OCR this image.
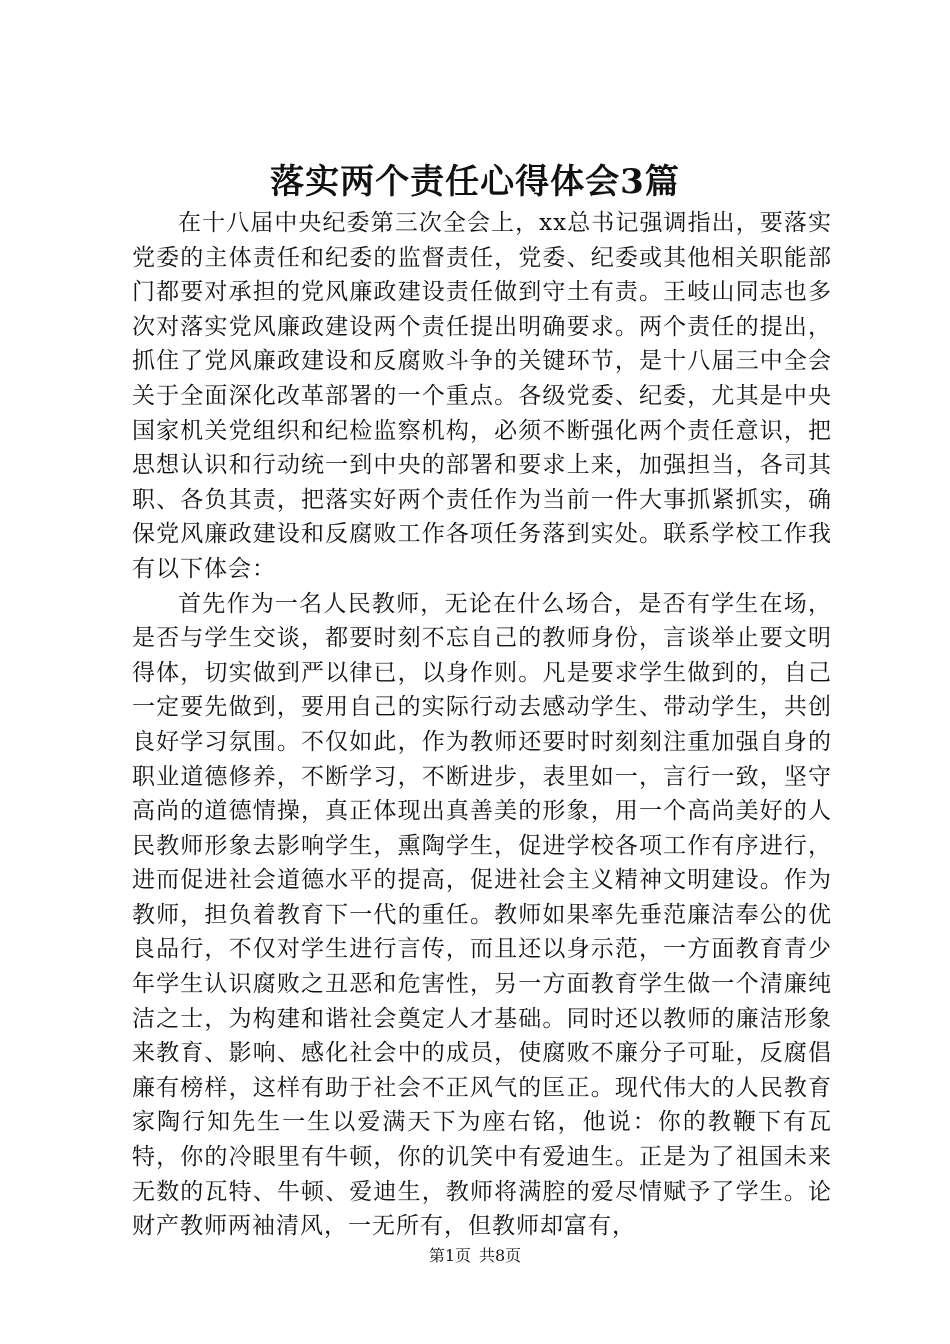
落实两个责任心得体会3篇

在十八届中央纪委第三次全会上，xx总书记强调指出，要落实党委的主体责任和纪委的监督责任，党委、纪委或其他相关职能部门都要对承担的党风廉政建设责任做到守土有责。王岐山同志也多次对落实党风廉政建设两个责任提出明确要求。两个责任的提出，抓住了党风廉政建设和反腐败斗争的关键环节，是十八届三中全会关于全面深化改革部署的一个重点。各级党委、纪委，尤其是中央国家机关党组织和纪检监察机构，必须不断强化两个责任意识，把思想认识和行动统一到中央的部署和要求上来，加强担当，各司其职、各负其责，把落实好两个责任作为当前一件大事抓紧抓实，确保党风廉政建设和反腐败工作各项任务落到实处。联系学校工作我有以下体会：

首先作为一名人民教师，无论在什么场合，是否有学生在场，是否与学生交谈，都要时刻不忘自己的教师身份，言谈举止要文明得体，切实做到严以律已，以身作则。凡是要求学生做到的，自己一定要先做到，要用自己的实际行动去感动学生、带动学生，共创良好学习氛围。不仅如此，作为教师还要时时刻刻注重加强自身的职业道德修养，不断学习，不断进步，表里如一，言行一致，坚守高尚的道德情操，真正体现出真善美的形象，用一个高尚美好的人民教师形象去影响学生，熏陶学生，促进学校各项工作有序进行，进而促进社会道德水平的提高，促进社会主义精神文明建设。作为教师，担负着教育下一代的重任。教师如果率先垂范廉洁奉公的优良品行，不仅对学生进行言传，而且还以身示范，一方面教育青少年学生认识腐败之丑恶和危害性，另一方面教育学生做一个清廉纯洁之士，为构建和谐社会奠定人才基础。同时还以教师的廉洁形象来教育、影响、感化社会中的成员，使腐败不廉分子可耻，反腐倡廉有榜样，这样有助于社会不正风气的匡正。现代伟大的人民教育家陶行知先生一生以爱满天下为座右铭，他说：你的教鞭下有瓦特，你的冷眼里有牛顿，你的讥笑中有爱迪生。正是为了祖国未来无数的瓦特、牛顿、爱迪生，教师将满腔的爱尽情赋予了学生。论财产教师两袖清风，一无所有，但教师却富有，

第1页 共8页
